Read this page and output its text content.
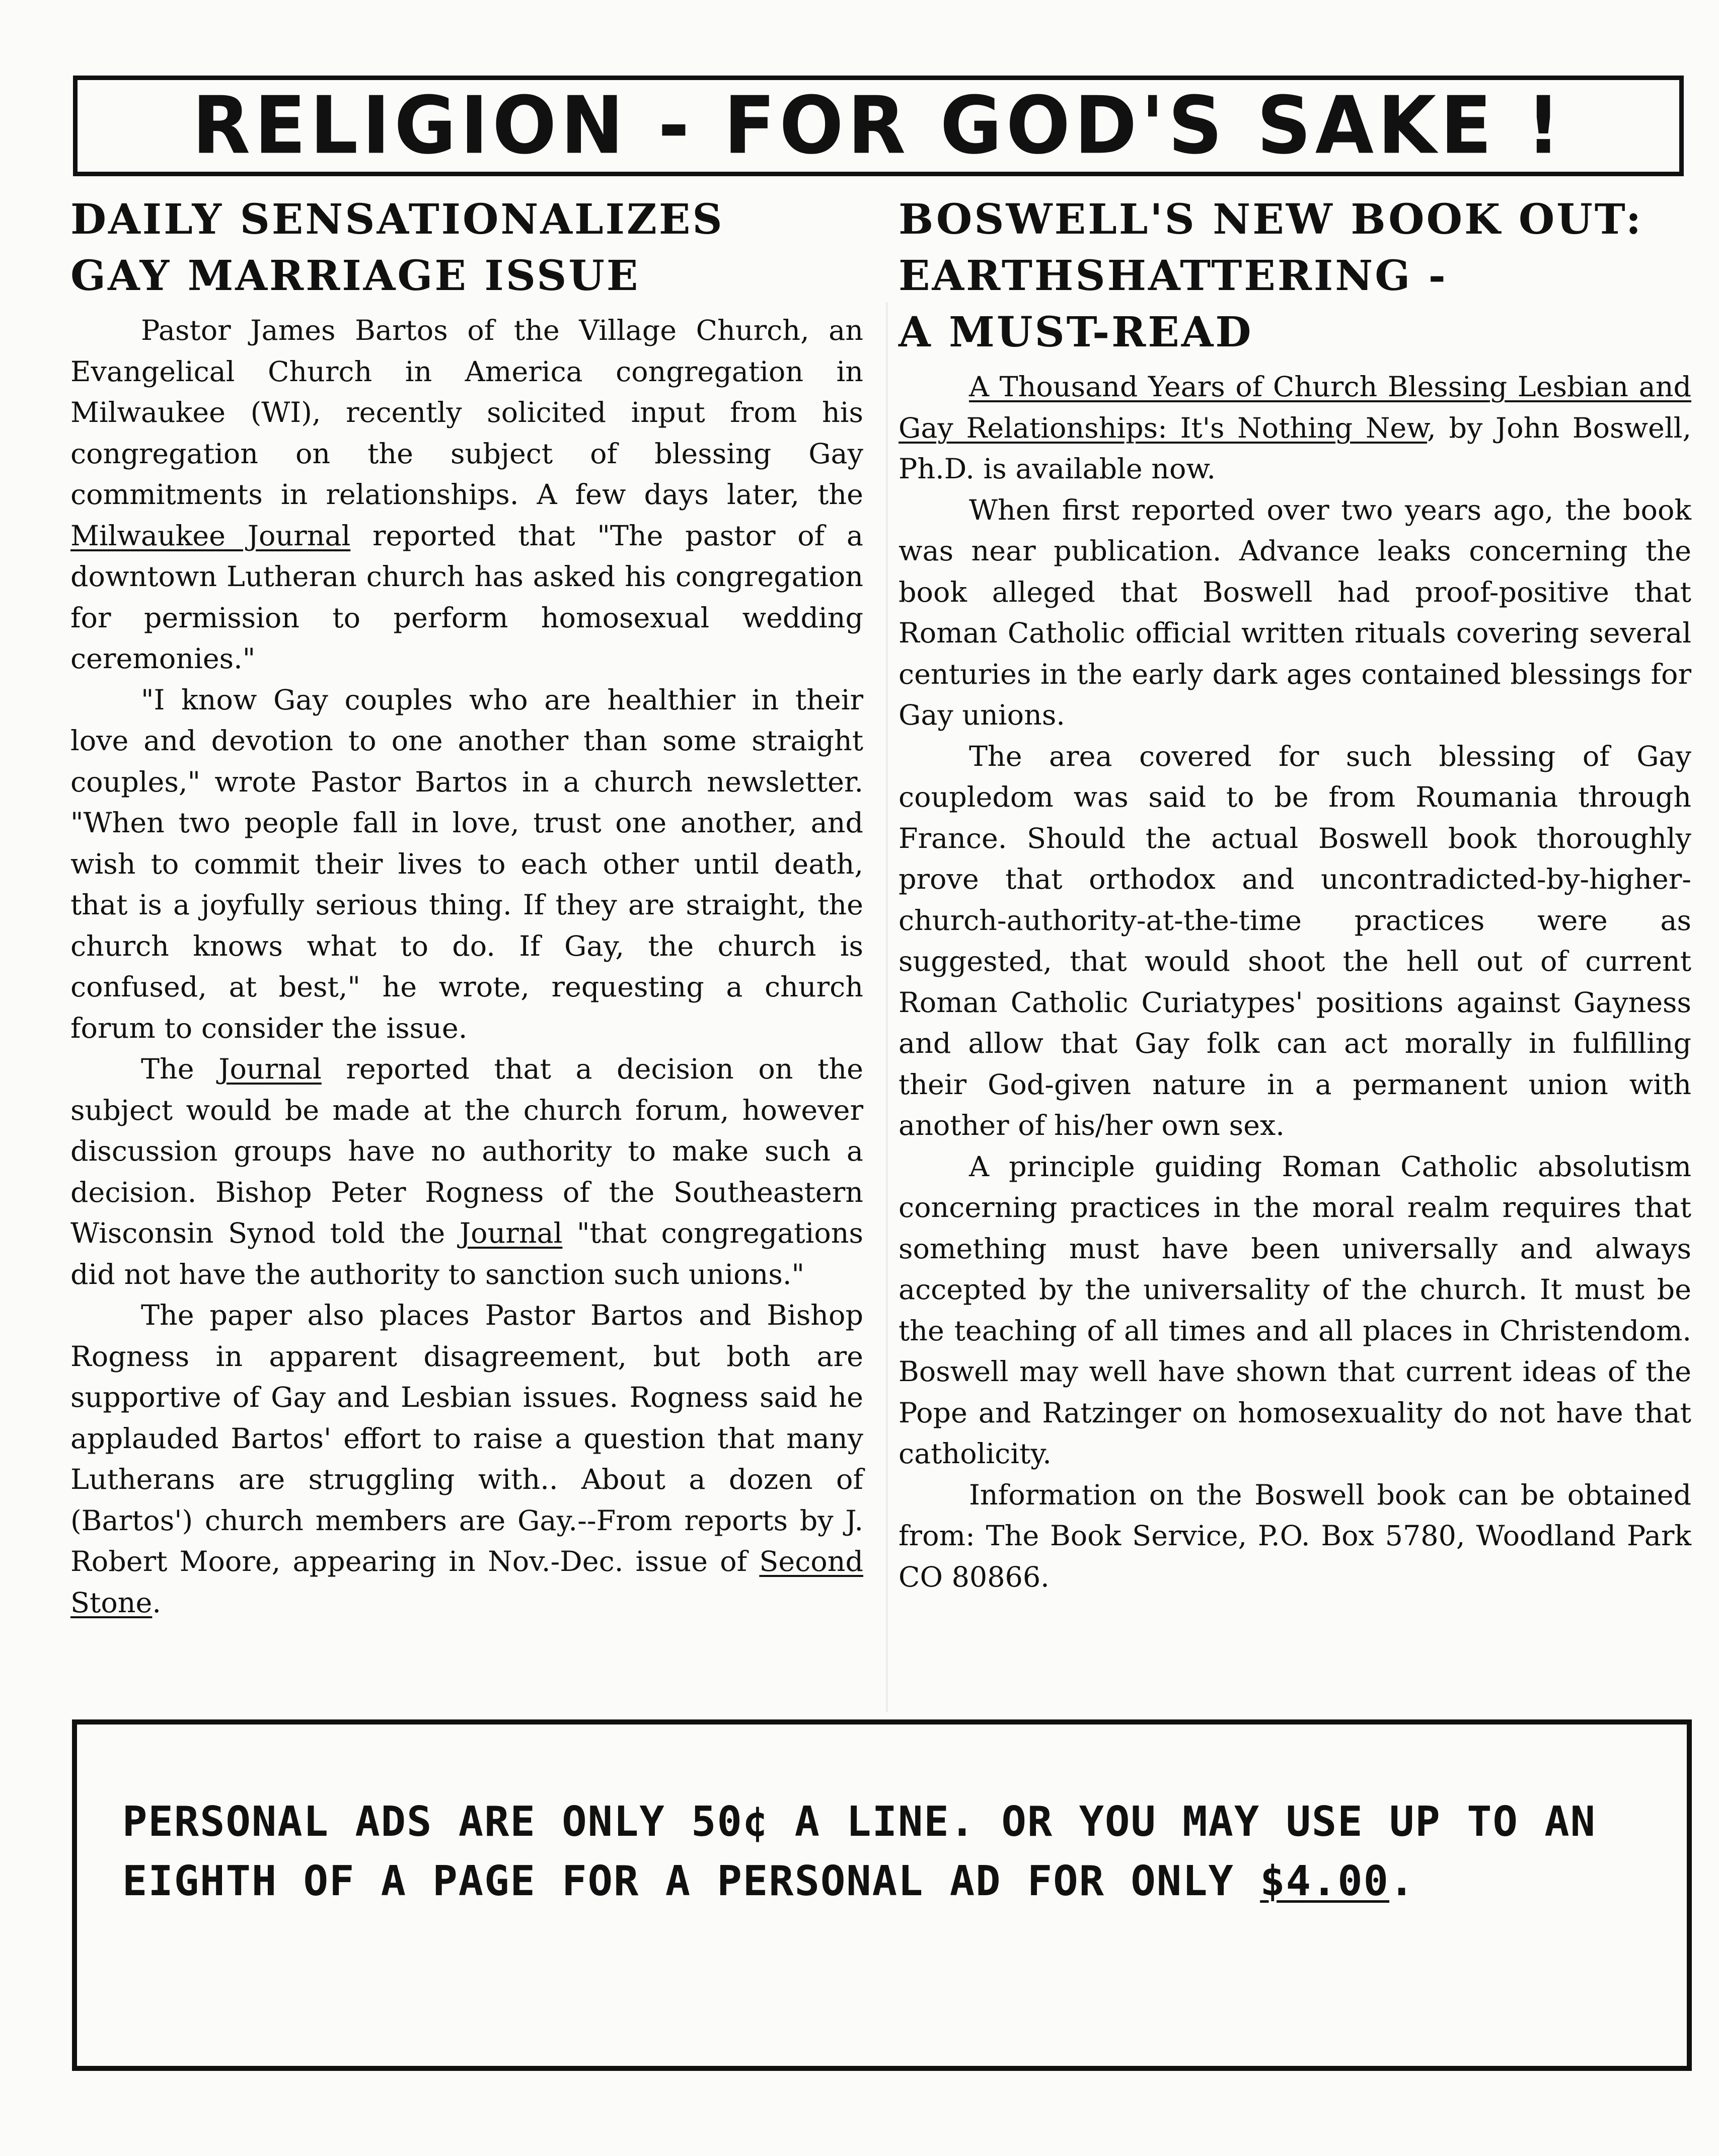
RELIGION - FOR GOD'S SAKE !
DAILY SENSATIONALIZES
GAY MARRIAGE ISSUE

Pastor James Bartos of the Village Church, an Evangelical Church in America congregation in Milwaukee (WI), recently solicited input from his congregation on the subject of blessing Gay commitments in relationships. A few days later, the Milwaukee Journal reported that "The pastor of a downtown Lutheran church has asked his congregation for permission to perform homosexual wedding ceremonies."

"I know Gay couples who are healthier in their love and devotion to one another than some straight couples," wrote Pastor Bartos in a church newsletter. "When two people fall in love, trust one another, and wish to commit their lives to each other until death, that is a joyfully serious thing. If they are straight, the church knows what to do. If Gay, the church is confused, at best," he wrote, requesting a church forum to consider the issue.

The Journal reported that a decision on the subject would be made at the church forum, however discussion groups have no authority to make such a decision. Bishop Peter Rogness of the Southeastern Wisconsin Synod told the Journal "that congregations did not have the authority to sanction such unions."

The paper also places Pastor Bartos and Bishop Rogness in apparent disagreement, but both are supportive of Gay and Lesbian issues. Rogness said he applauded Bartos' effort to raise a question that many Lutherans are struggling with.. About a dozen of (Bartos') church members are Gay.--From reports by J. Robert Moore, appearing in Nov.-Dec. issue of Second Stone.

BOSWELL'S NEW BOOK OUT:
EARTHSHATTERING -
A MUST-READ

A Thousand Years of Church Blessing Lesbian and Gay Relationships: It's Nothing New, by John Boswell, Ph.D. is available now.

When first reported over two years ago, the book was near publication. Advance leaks concerning the book alleged that Boswell had proof-positive that Roman Catholic official written rituals covering several centuries in the early dark ages contained blessings for Gay unions.

The area covered for such blessing of Gay coupledom was said to be from Roumania through France. Should the actual Boswell book thoroughly prove that orthodox and uncontradicted-by-higher-church-authority-at-the-time practices were as suggested, that would shoot the hell out of current Roman Catholic Curiatypes' positions against Gayness and allow that Gay folk can act morally in fulfilling their God-given nature in a permanent union with another of his/her own sex.

A principle guiding Roman Catholic absolutism concerning practices in the moral realm requires that something must have been universally and always accepted by the universality of the church. It must be the teaching of all times and all places in Christendom. Boswell may well have shown that current ideas of the Pope and Ratzinger on homosexuality do not have that catholicity.

Information on the Boswell book can be obtained from: The Book Service, P.O. Box 5780, Woodland Park CO 80866.

PERSONAL ADS ARE ONLY 50¢ A LINE. OR YOU MAY USE UP TO AN EIGHTH OF A PAGE FOR A PERSONAL AD FOR ONLY $4.00.
